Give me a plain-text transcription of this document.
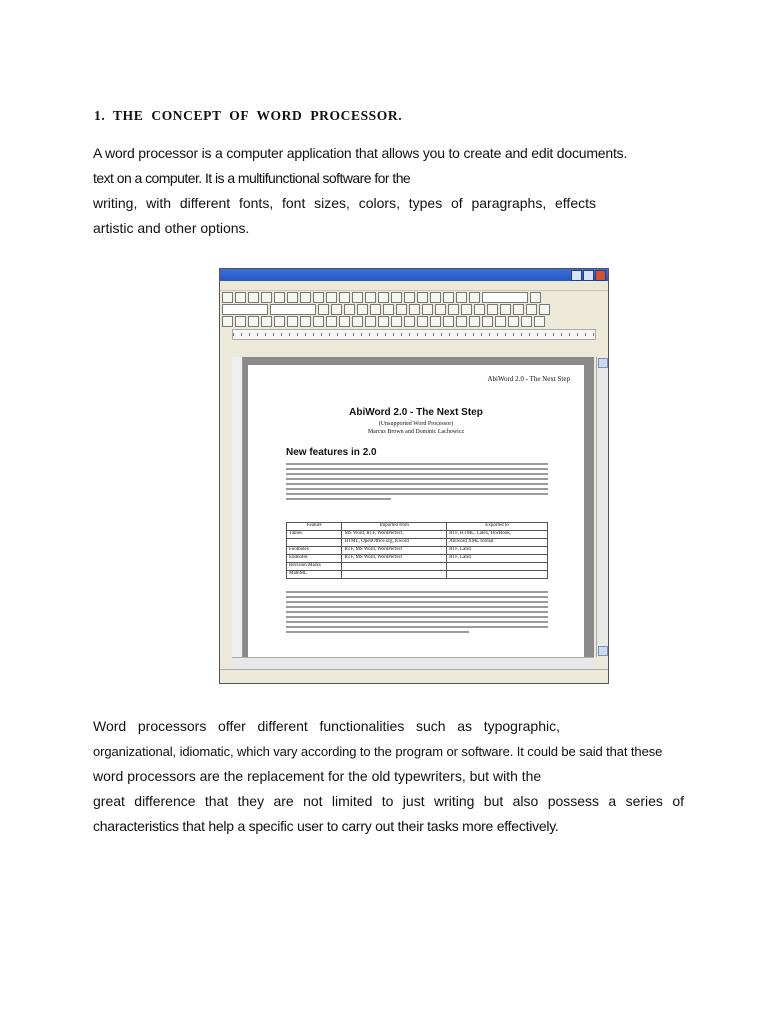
1. THE CONCEPT OF WORD PROCESSOR.
A word processor is a computer application that allows you to create and edit documents.
text on a computer. It is a multifunctional software for the
writing, with different fonts, font sizes, colors, types of paragraphs, effects
artistic and other options.
AbiWord 2.0 - The Next Step
AbiWord 2.0 - The Next Step
(Unsupported Word Processor)
Marcus Brown and Dominic Lachowicz
New features in 2.0
Feature	Imported from	Exported to
Tables	MS Word, RTF, WordPerfect,	RTF, HTML, Latex, DocBook,
	HTML, OpenOffice.org, Kword	Abiword XML format
Footnotes	RTF, MS Word, WordPerfect	RTF, Latex
Endnotes	RTF, MS Word, WordPerfect	RTF, Latex
Revision Marks		
MathML		
Word processors offer different functionalities such as typographic,
organizational, idiomatic, which vary according to the program or software. It could be said that these
word processors are the replacement for the old typewriters, but with the
great difference that they are not limited to just writing but also possess a series of
characteristics that help a specific user to carry out their tasks more effectively.
